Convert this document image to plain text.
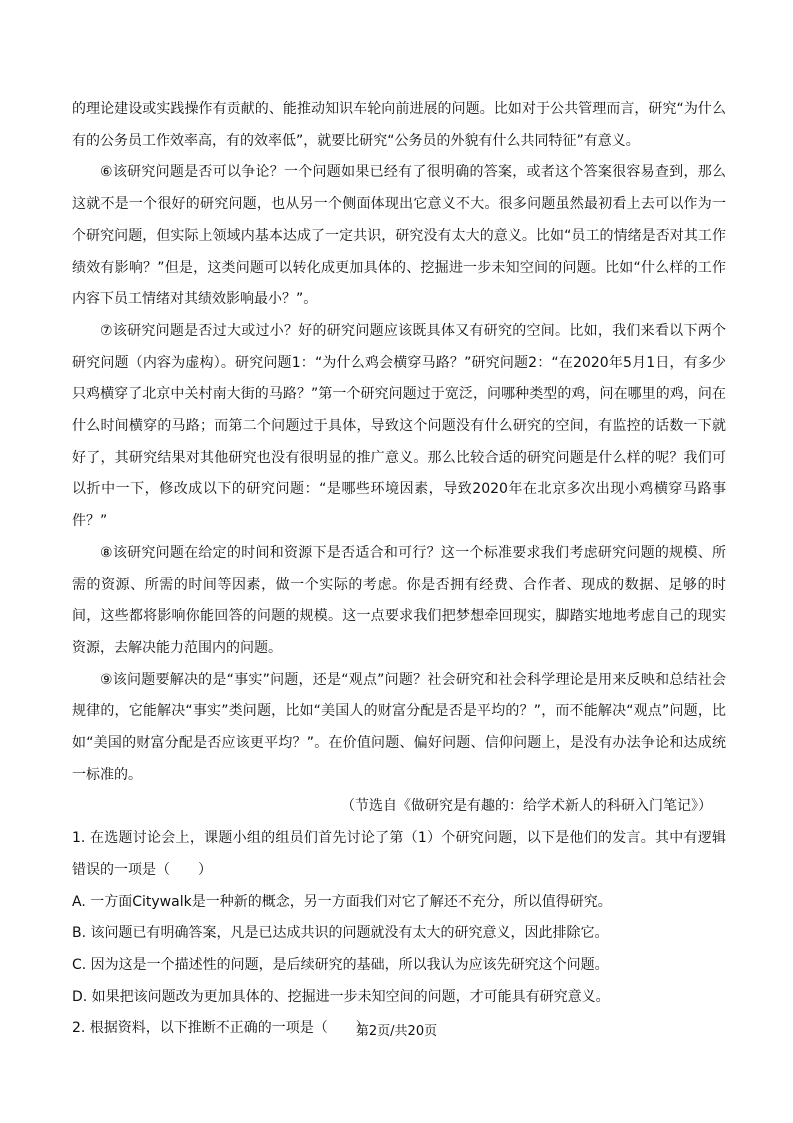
的理论建设或实践操作有贡献的、能推动知识车轮向前进展的问题。比如对于公共管理而言，研究“为什么有的公务员工作效率高，有的效率低”，就要比研究“公务员的外貌有什么共同特征”有意义。

⑥该研究问题是否可以争论？一个问题如果已经有了很明确的答案，或者这个答案很容易查到，那么这就不是一个很好的研究问题，也从另一个侧面体现出它意义不大。很多问题虽然最初看上去可以作为一个研究问题，但实际上领域内基本达成了一定共识，研究没有太大的意义。比如“员工的情绪是否对其工作绩效有影响？”但是，这类问题可以转化成更加具体的、挖掘进一步未知空间的问题。比如“什么样的工作内容下员工情绪对其绩效影响最小？”。

⑦该研究问题是否过大或过小？好的研究问题应该既具体又有研究的空间。比如，我们来看以下两个研究问题（内容为虚构）。研究问题1：“为什么鸡会横穿马路？”研究问题2：“在2020年5月1日，有多少只鸡横穿了北京中关村南大街的马路？”第一个研究问题过于宽泛，问哪种类型的鸡，问在哪里的鸡，问在什么时间横穿的马路；而第二个问题过于具体，导致这个问题没有什么研究的空间，有监控的话数一下就好了，其研究结果对其他研究也没有很明显的推广意义。那么比较合适的研究问题是什么样的呢？我们可以折中一下，修改成以下的研究问题：“是哪些环境因素，导致2020年在北京多次出现小鸡横穿马路事件？”

⑧该研究问题在给定的时间和资源下是否适合和可行？这一个标准要求我们考虑研究问题的规模、所需的资源、所需的时间等因素，做一个实际的考虑。你是否拥有经费、合作者、现成的数据、足够的时间，这些都将影响你能回答的问题的规模。这一点要求我们把梦想牵回现实，脚踏实地地考虑自己的现实资源，去解决能力范围内的问题。

⑨该问题要解决的是“事实”问题，还是“观点”问题？社会研究和社会科学理论是用来反映和总结社会规律的，它能解决“事实”类问题，比如“美国人的财富分配是否是平均的？”，而不能解决“观点”问题，比如“美国的财富分配是否应该更平均？”。在价值问题、偏好问题、信仰问题上，是没有办法争论和达成统一标准的。

（节选自《做研究是有趣的：给学术新人的科研入门笔记》）

1. 在选题讨论会上，课题小组的组员们首先讨论了第（1）个研究问题，以下是他们的发言。其中有逻辑错误的一项是（　　）

A. 一方面Citywalk是一种新的概念，另一方面我们对它了解还不充分，所以值得研究。

B. 该问题已有明确答案，凡是已达成共识的问题就没有太大的研究意义，因此排除它。

C. 因为这是一个描述性的问题，是后续研究的基础，所以我认为应该先研究这个问题。

D. 如果把该问题改为更加具体的、挖掘进一步未知空间的问题，才可能具有研究意义。

2. 根据资料，以下推断不正确的一项是（　　）

第2页/共20页
